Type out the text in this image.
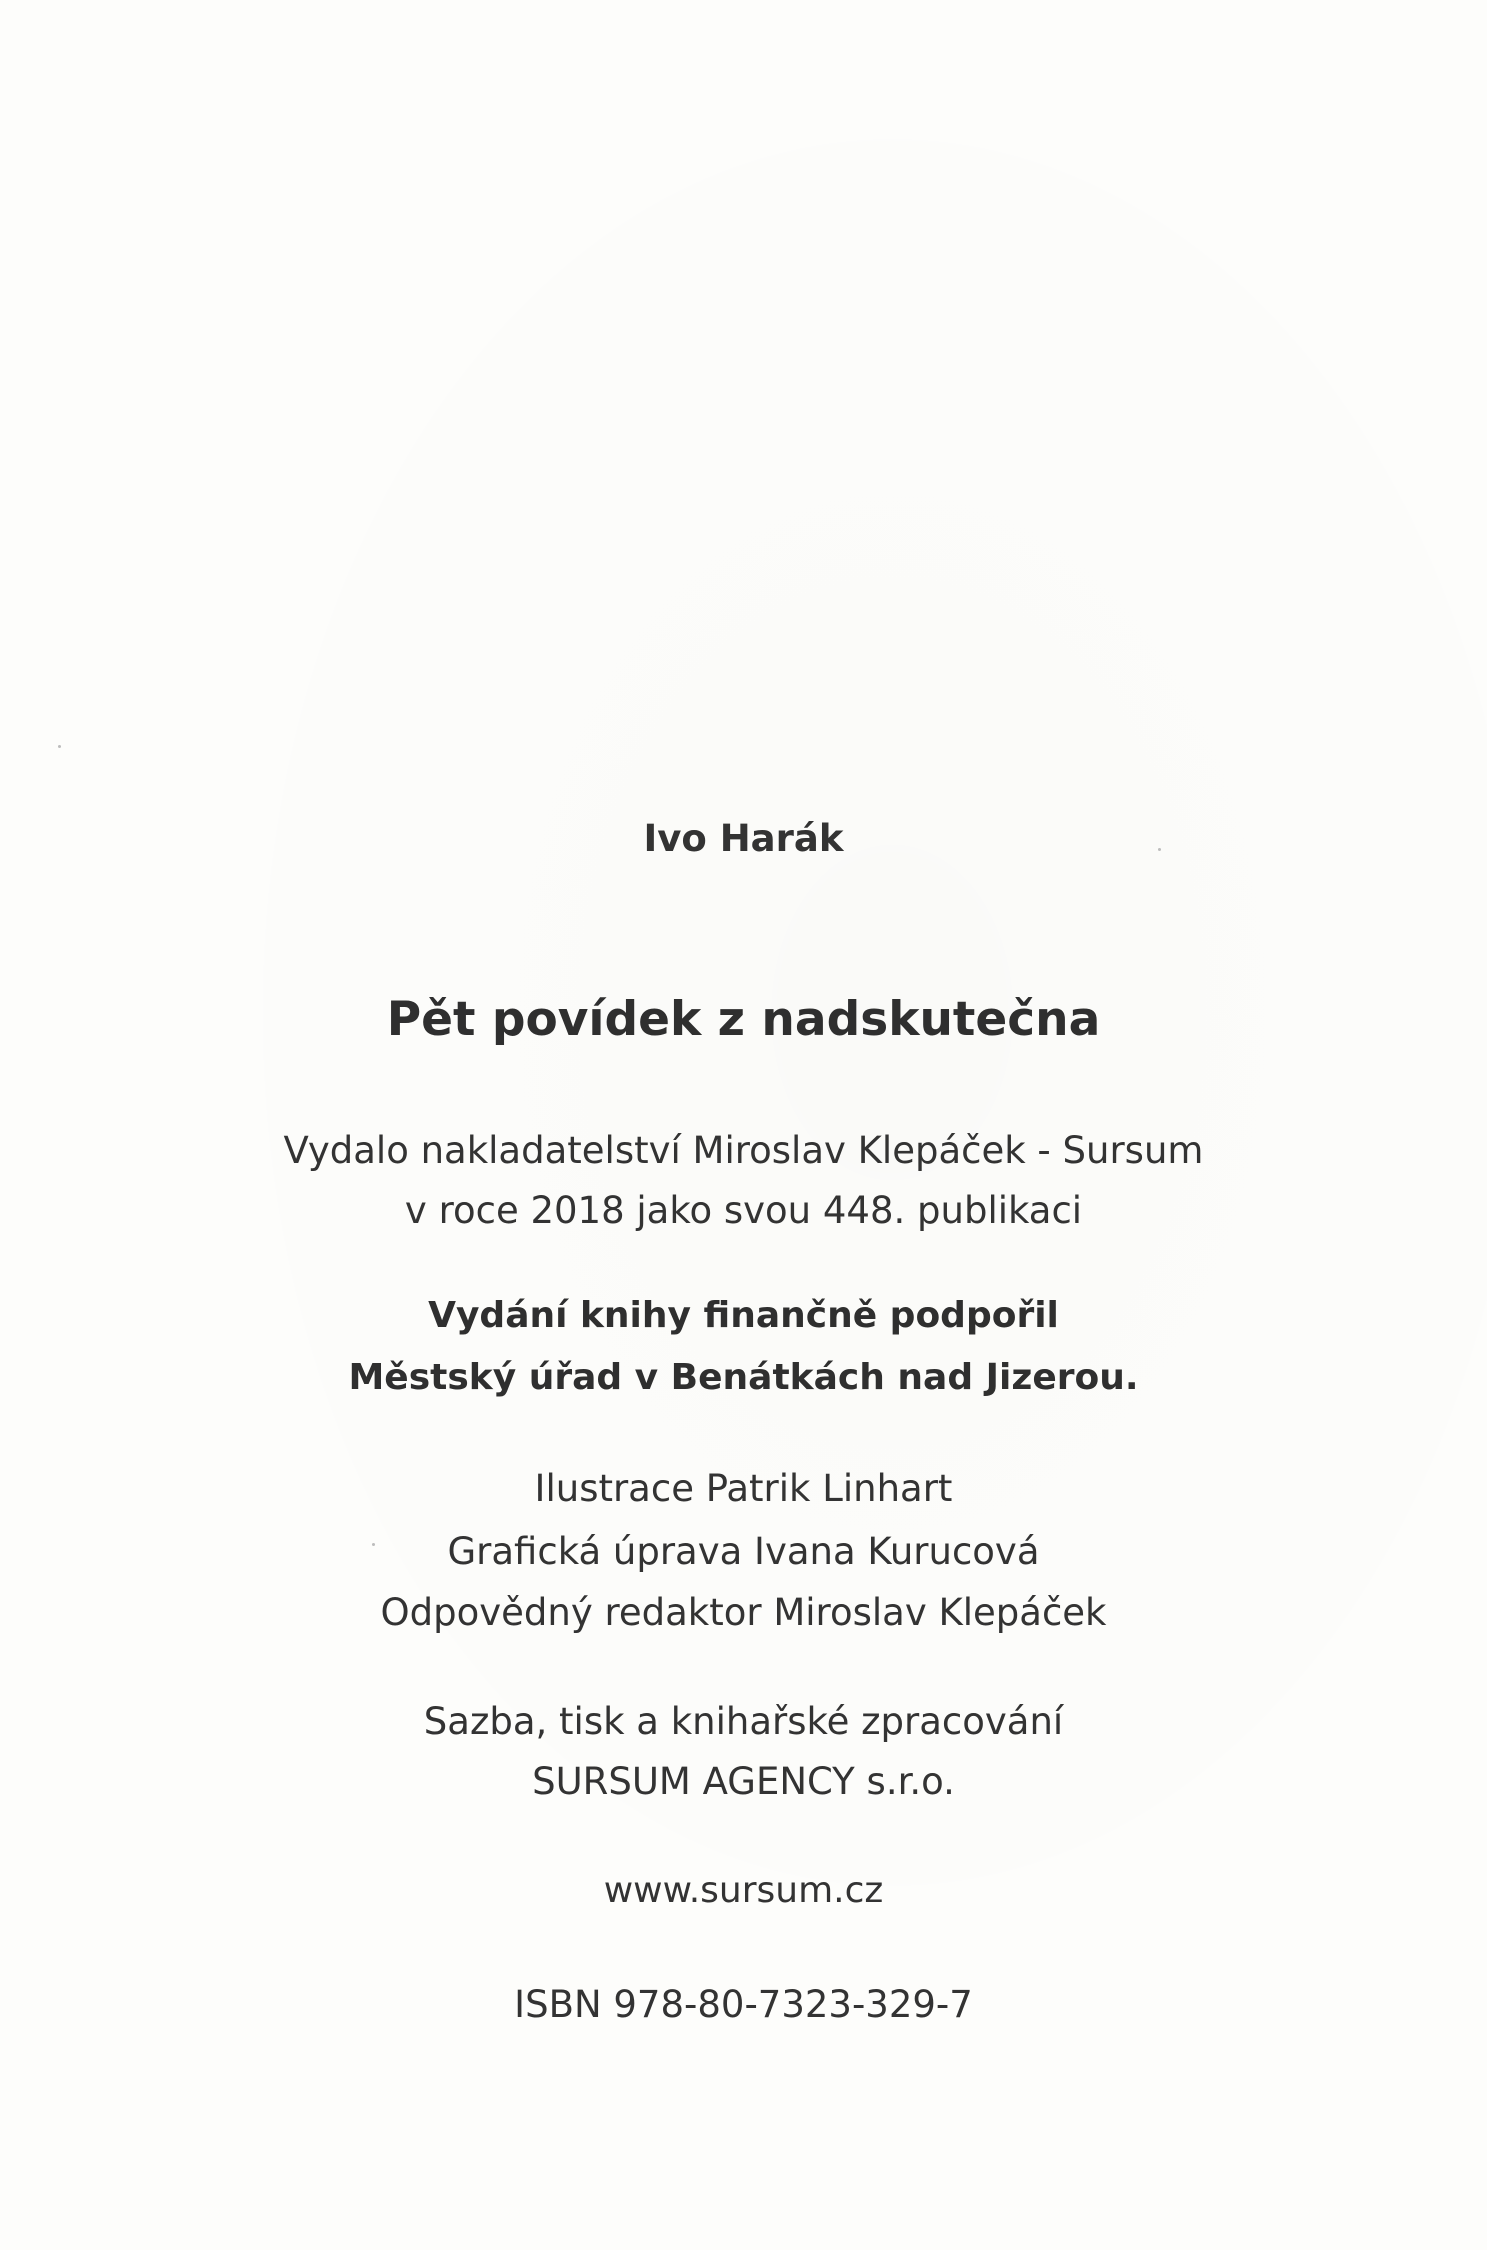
Ivo Harák
Pět povídek z nadskutečna
Vydalo nakladatelství Miroslav Klepáček - Sursum
v roce 2018 jako svou 448. publikaci
Vydání knihy finančně podpořil
Městský úřad v Benátkách nad Jizerou.
Ilustrace Patrik Linhart
Grafická úprava Ivana Kurucová
Odpovědný redaktor Miroslav Klepáček
Sazba, tisk a knihařské zpracování
SURSUM AGENCY s.r.o.
www.sursum.cz
ISBN 978-80-7323-329-7
